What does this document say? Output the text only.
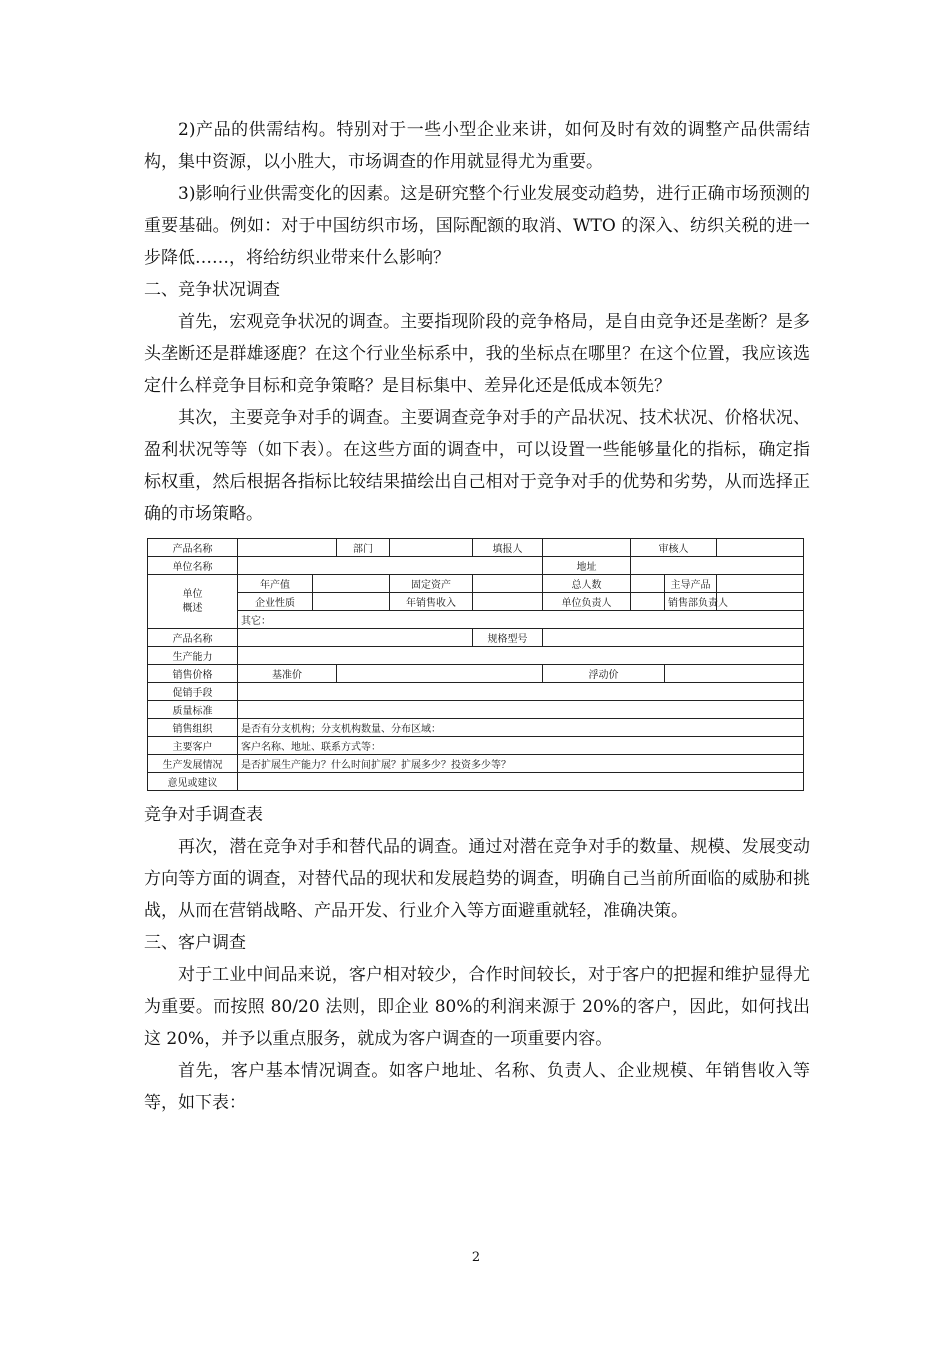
2)产品的供需结构。特别对于一些小型企业来讲，如何及时有效的调整产品供需结构，集中资源，以小胜大，市场调查的作用就显得尤为重要。

3)影响行业供需变化的因素。这是研究整个行业发展变动趋势，进行正确市场预测的重要基础。例如：对于中国纺织市场，国际配额的取消、WTO 的深入、纺织关税的进一步降低……，将给纺织业带来什么影响？

二、竞争状况调查

首先，宏观竞争状况的调查。主要指现阶段的竞争格局，是自由竞争还是垄断？是多头垄断还是群雄逐鹿？在这个行业坐标系中，我的坐标点在哪里？在这个位置，我应该选定什么样竞争目标和竞争策略？是目标集中、差异化还是低成本领先？

其次，主要竞争对手的调查。主要调查竞争对手的产品状况、技术状况、价格状况、盈利状况等等（如下表）。在这些方面的调查中，可以设置一些能够量化的指标，确定指标权重，然后根据各指标比较结果描绘出自己相对于竞争对手的优势和劣势，从而选择正确的市场策略。

产品名称			部门		填报人		审核人		
单位名称						地址			
单位概述	年产值			固定资产		总人数		主导产品	
	企业性质			年销售收入		单位负责人		销售部负责人	
	其它：								
产品名称					规格型号				
生产能力									
销售价格	基准价					浮动价			
促销手段									
质量标准									
销售组织	是否有分支机构；分支机构数量、分布区域：								
主要客户	客户名称、地址、联系方式等：								
生产发展情况	是否扩展生产能力？什么时间扩展？扩展多少？投资多少等？								
意见或建议									
竞争对手调查表

再次，潜在竞争对手和替代品的调查。通过对潜在竞争对手的数量、规模、发展变动方向等方面的调查，对替代品的现状和发展趋势的调查，明确自己当前所面临的威胁和挑战，从而在营销战略、产品开发、行业介入等方面避重就轻，准确决策。

三、客户调查

对于工业中间品来说，客户相对较少，合作时间较长，对于客户的把握和维护显得尤为重要。而按照 80/20 法则，即企业 80%的利润来源于 20%的客户，因此，如何找出这 20%，并予以重点服务，就成为客户调查的一项重要内容。

首先，客户基本情况调查。如客户地址、名称、负责人、企业规模、年销售收入等等，如下表：

2
